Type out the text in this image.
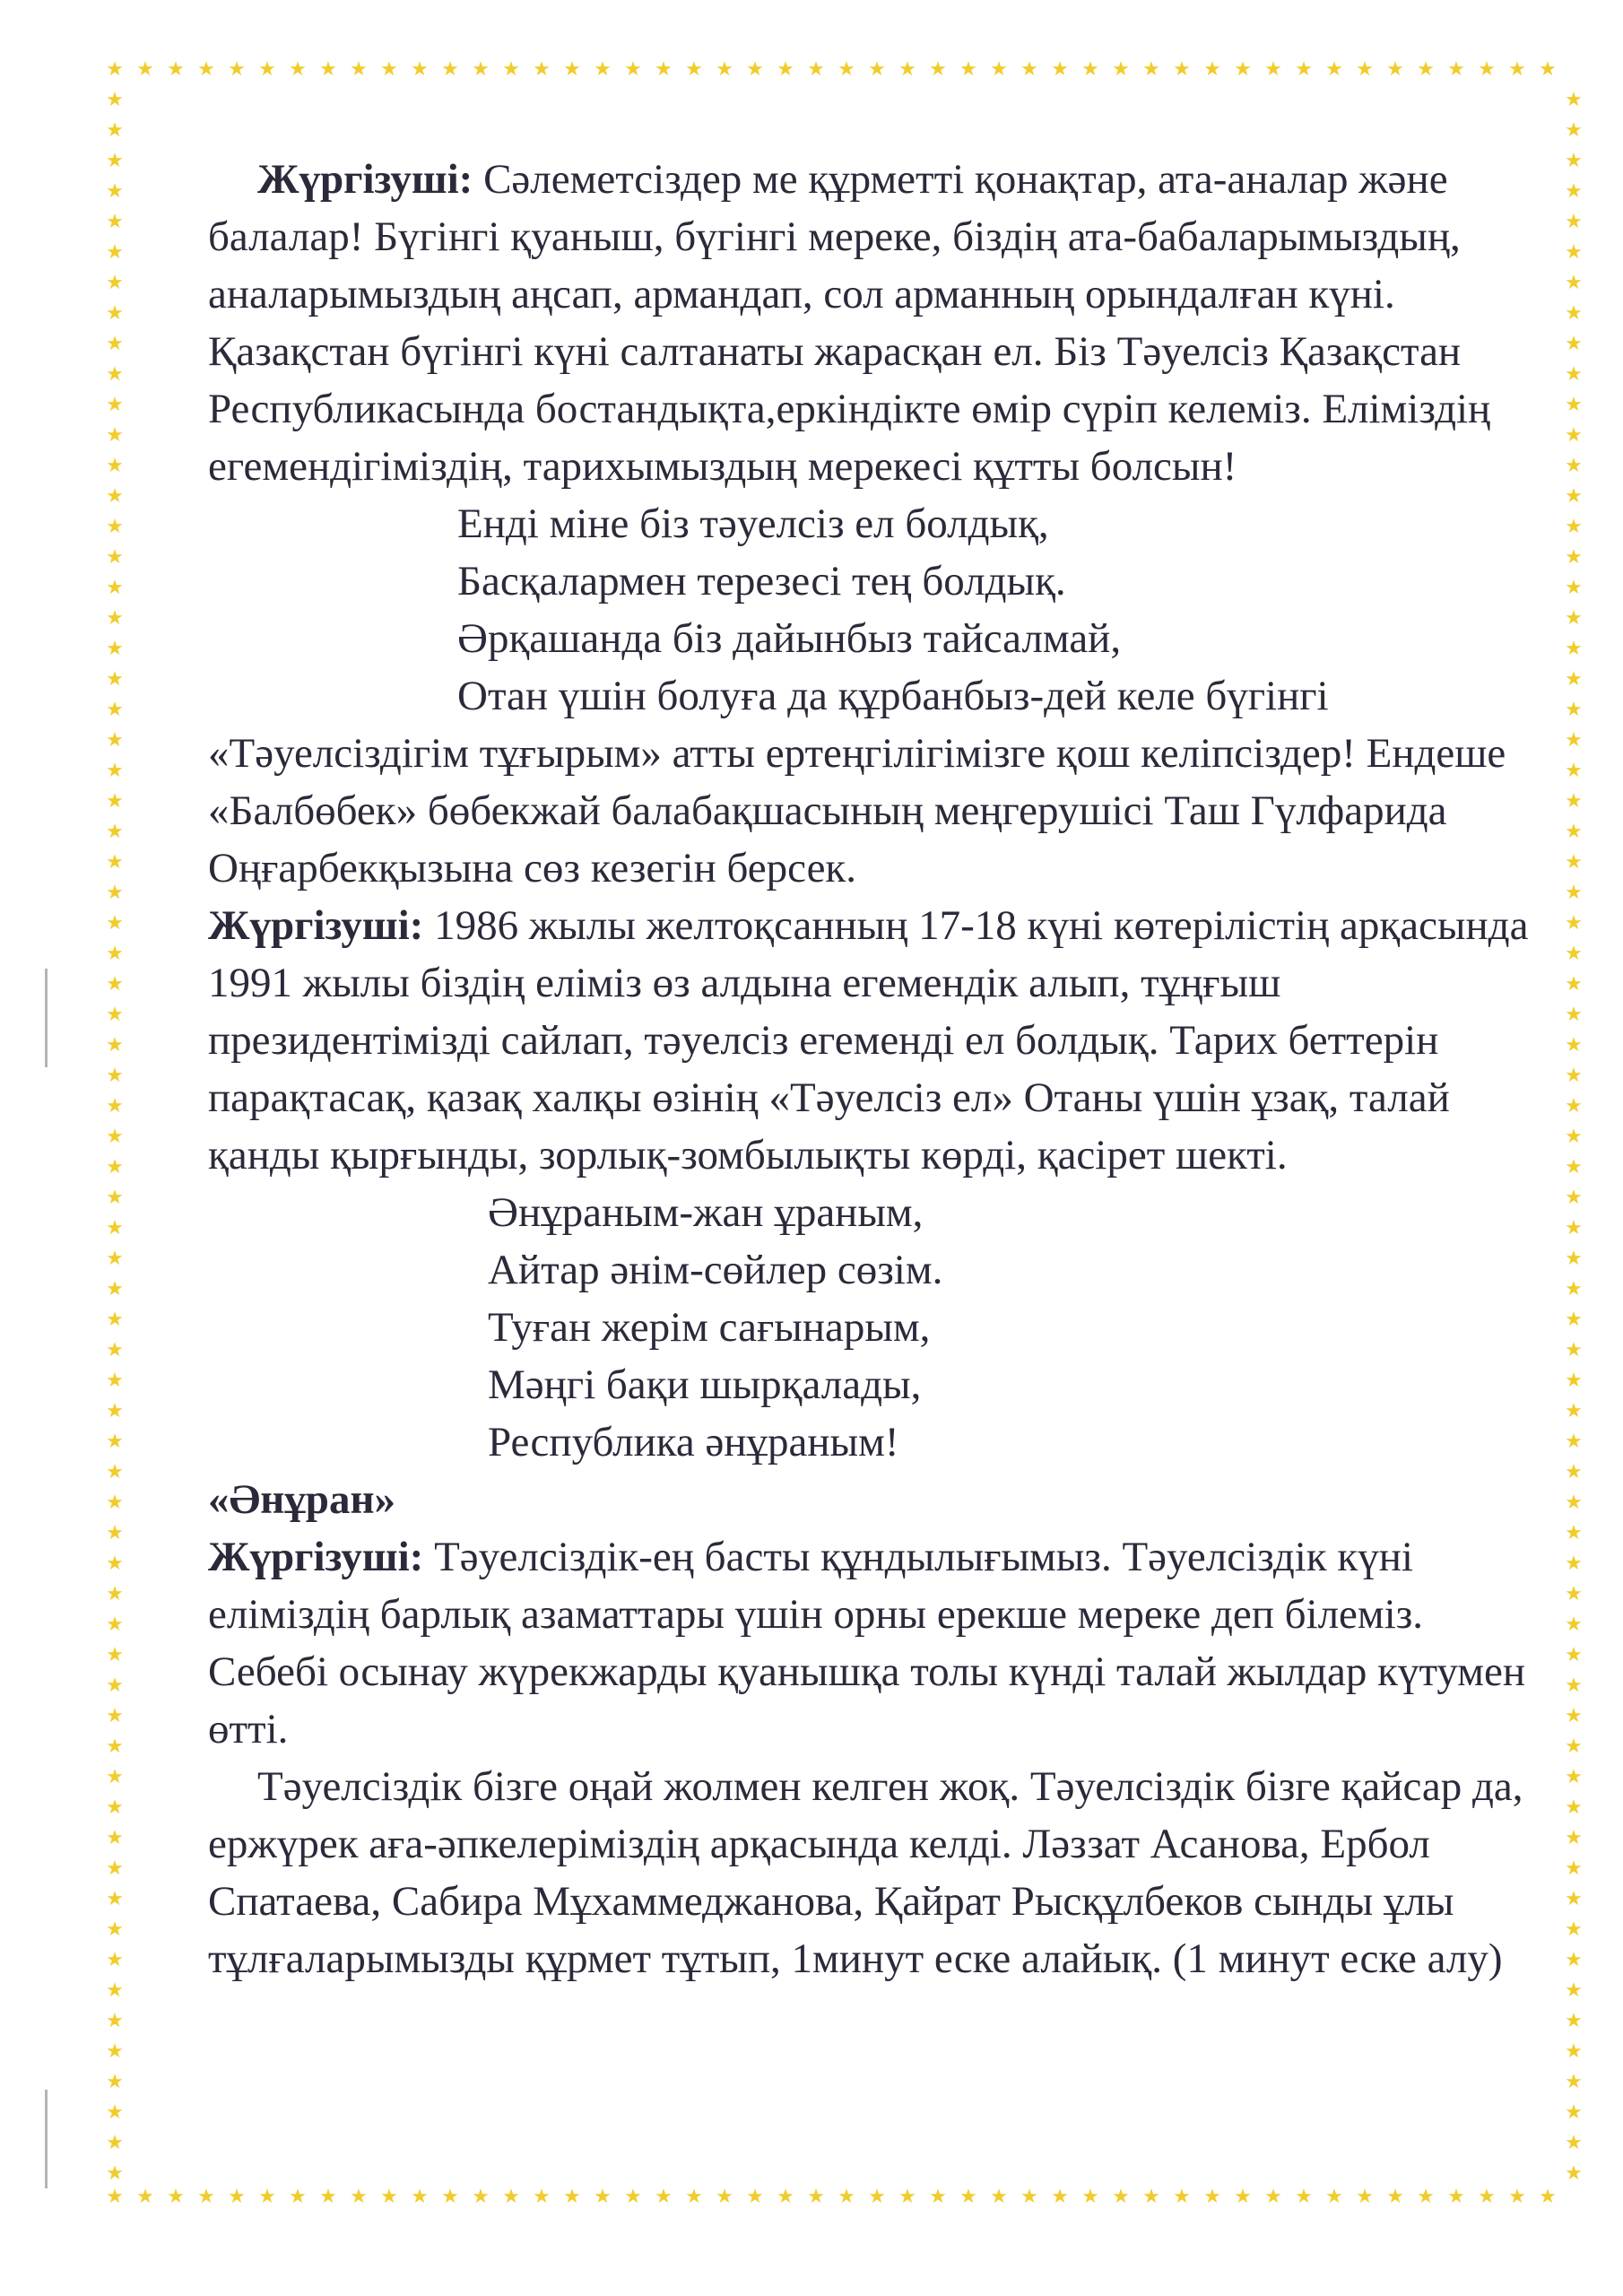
★
★
★
★
★
★
★
★
★
★
★
★
★
★
★
★
★
★
★
★
★
★
★
★
★
★
★
★
★
★
★
★
★
★
★
★
★
★
★
★
★
★
★
★
★
★
★
★
★
★
★
★
★
★
★
★
★
★
★
★
★
★
★
★
★
★
★
★
★
★
★
★
★
★
★
★
★
★
★
★
★
★
★
★
★
★
★
★
★
★
★
★
★
★
★
★
★	★
★	★
★	★
★	★
★	★
★	★
★	★
★	★
★	★
★	★
★	★
★	★
★	★
★	★
★	★
★	★
★	★
★	★
★	★
★	★
★	★
★	★
★	★
★	★
★	★
★	★
★	★
★	★
★	★
★	★
★	★
★	★
★	★
★	★
★	★
★	★
★	★
★	★
★	★
★	★
★	★
★	★
★	★
★	★
★	★
★	★
★	★
★	★
★	★
★	★
★	★
★	★
★	★
★	★
★	★
★	★
★	★
★	★
★	★
★	★
★	★
★	★
★	★
★	★
★	★
★	★
★	★
★	★
★	★

Жүргізуші: Сәлеметсіздер ме құрметті қонақтар, ата-аналар және балалар! Бүгінгі қуаныш, бүгінгі мереке, біздің ата-бабаларымыздың, аналарымыздың аңсап, армандап, сол арманның орындалған күні. Қазақстан бүгінгі күні салтанаты жарасқан ел. Біз Тәуелсіз Қазақстан Республикасында бостандықта,еркіндікте өмір сүріп келеміз. Еліміздің егемендігіміздің, тарихымыздың мерекесі құтты болсын!

Енді міне біз тәуелсіз ел болдық,

Басқалармен терезесі тең болдық.

Әрқашанда біз дайынбыз тайсалмай,

Отан үшін болуға да құрбанбыз-дей келе бүгінгі

«Тәуелсіздігім тұғырым» атты ертеңгілігімізге қош келіпсіздер! Ендеше «Балбөбек» бөбекжай балабақшасының меңгерушісі Таш Гүлфарида Оңғарбекқызына сөз кезегін берсек.

Жүргізуші: 1986 жылы желтоқсанның 17-18 күні көтерілістің арқасында 1991 жылы біздің еліміз өз алдына егемендік алып, тұңғыш президентімізді сайлап, тәуелсіз егеменді ел болдық. Тарих беттерін парақтасақ, қазақ халқы өзінің «Тәуелсіз ел» Отаны үшін ұзақ, талай қанды қырғынды, зорлық-зомбылықты көрді, қасірет шекті.

Әнұраным-жан ұраным,

Айтар әнім-сөйлер сөзім.

Туған жерім сағынарым,

Мәңгі бақи шырқалады,

Республика әнұраным!

«Әнұран»

Жүргізуші: Тәуелсіздік-ең басты құндылығымыз. Тәуелсіздік күні еліміздің барлық азаматтары үшін орны ерекше мереке деп білеміз. Себебі осынау жүрекжарды қуанышқа толы күнді талай жылдар күтумен өтті.

Тәуелсіздік бізге оңай жолмен келген жоқ. Тәуелсіздік бізге қайсар да, ержүрек аға-әпкелеріміздің арқасында келді. Ләззат Асанова, Ербол Спатаева, Сабира Мұхаммеджанова, Қайрат Рысқұлбеков сынды ұлы тұлғаларымызды құрмет тұтып, 1минут еске алайық. (1 минут еске алу)
